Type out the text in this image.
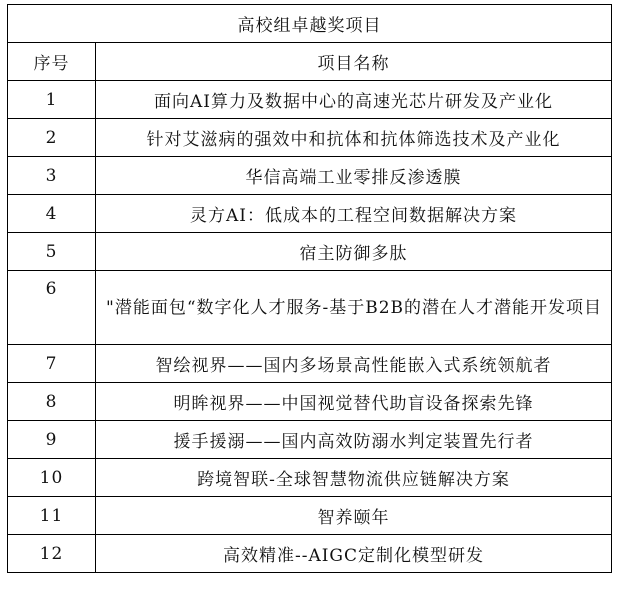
高校组卓越奖项目	
序号	项目名称
1	面向AI算力及数据中心的高速光芯片研发及产业化
2	针对艾滋病的强效中和抗体和抗体筛选技术及产业化
3	华信高端工业零排反渗透膜
4	灵方AI：低成本的工程空间数据解决方案
5	宿主防御多肽
6	"潜能面包“数字化人才服务-基于B2B的潜在人才潜能开发项目

7	智绘视界——国内多场景高性能嵌入式系统领航者
8	明眸视界——中国视觉替代助盲设备探索先锋
9	援手援溺——国内高效防溺水判定装置先行者
10	跨境智联-全球智慧物流供应链解决方案
11	智养颐年
12	高效精准--AIGC定制化模型研发
